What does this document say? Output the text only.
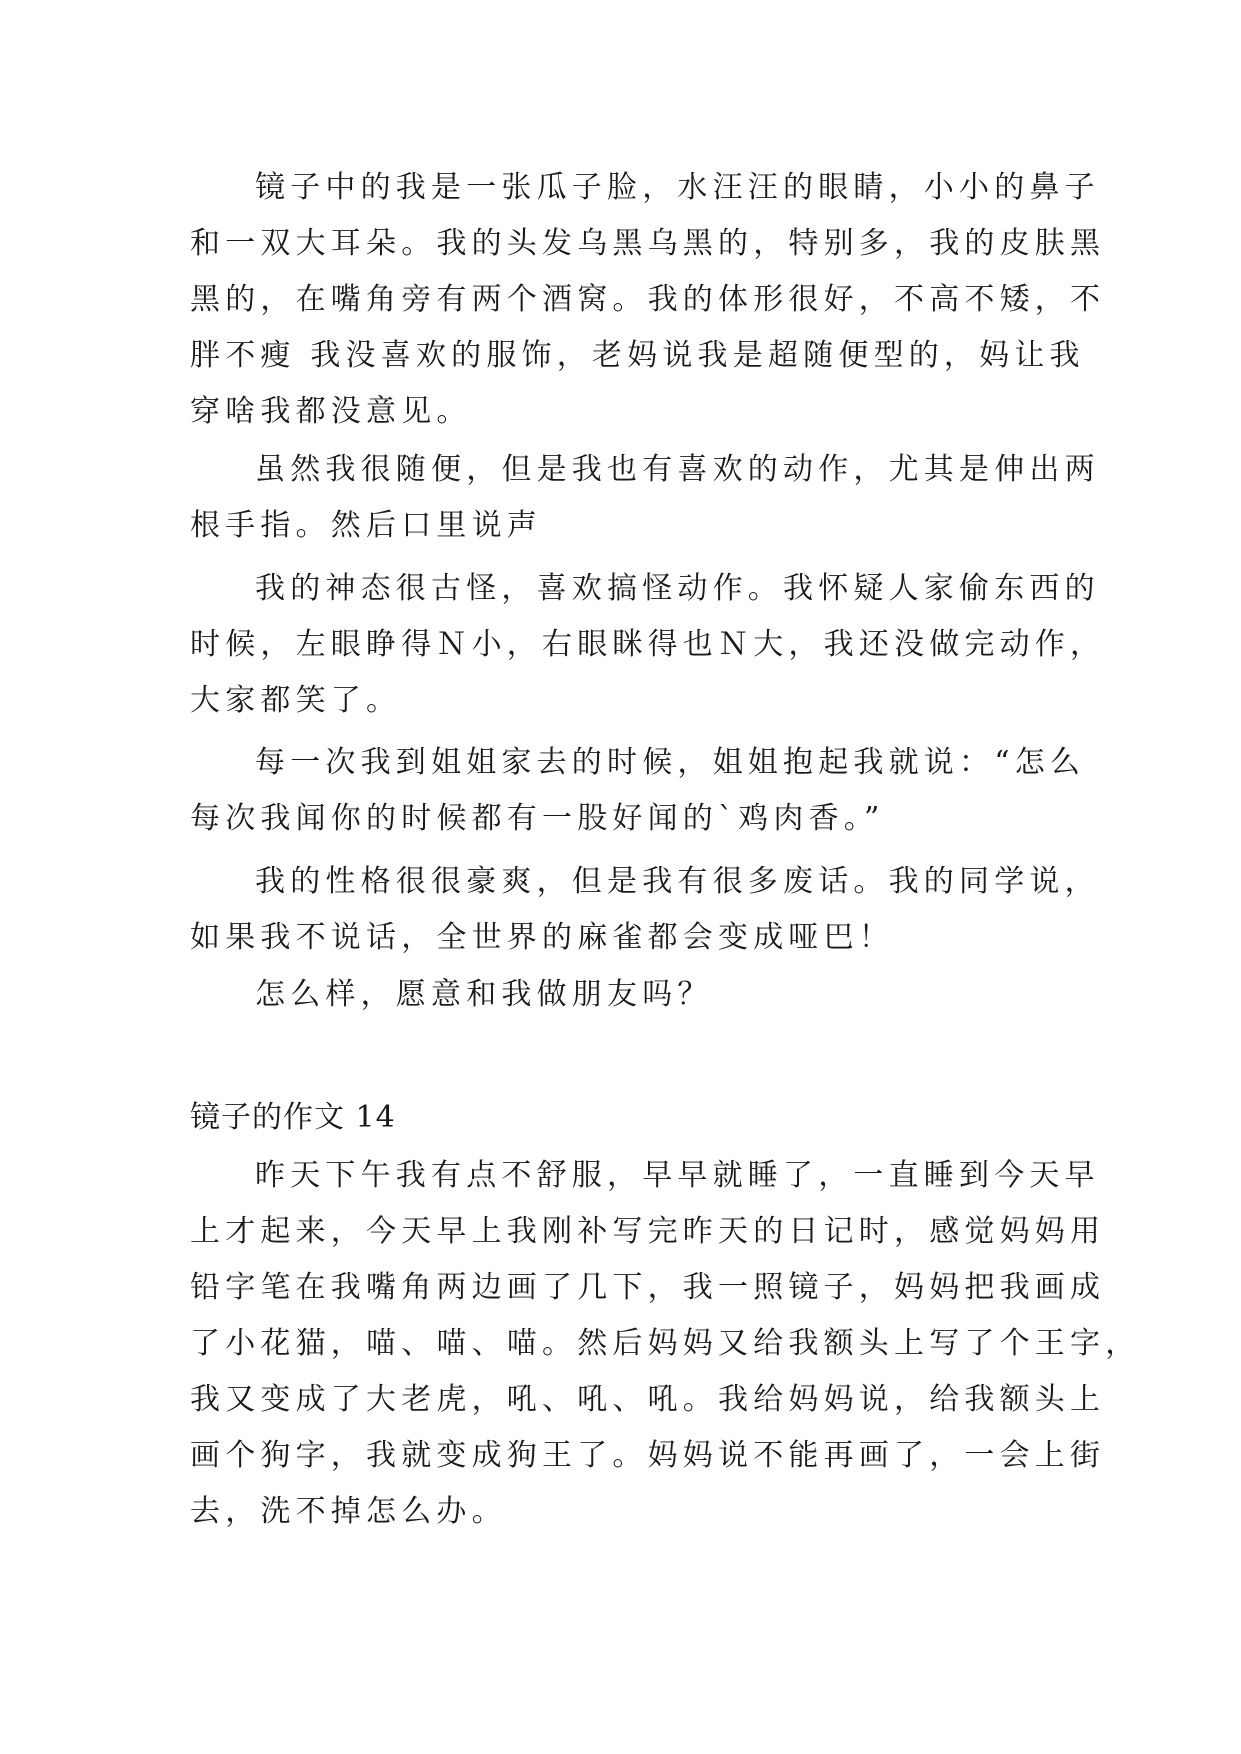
镜子中的我是一张瓜子脸，水汪汪的眼睛，小小的鼻子
和一双大耳朵。我的头发乌黑乌黑的，特别多，我的皮肤黑
黑的，在嘴角旁有两个酒窝。我的体形很好，不高不矮，不
胖不瘦 我没喜欢的服饰，老妈说我是超随便型的，妈让我
穿啥我都没意见。
虽然我很随便，但是我也有喜欢的动作，尤其是伸出两
根手指。然后口里说声
我的神态很古怪，喜欢搞怪动作。我怀疑人家偷东西的
时候，左眼睁得Ｎ小，右眼眯得也Ｎ大，我还没做完动作，
大家都笑了。
每一次我到姐姐家去的时候，姐姐抱起我就说：“怎么
每次我闻你的时候都有一股好闻的`鸡肉香。”
我的性格很很豪爽，但是我有很多废话。我的同学说，
如果我不说话，全世界的麻雀都会变成哑巴！
怎么样，愿意和我做朋友吗？
镜子的作文 14
昨天下午我有点不舒服，早早就睡了，一直睡到今天早
上才起来，今天早上我刚补写完昨天的日记时，感觉妈妈用
铅字笔在我嘴角两边画了几下，我一照镜子，妈妈把我画成
了小花猫，喵、喵、喵。然后妈妈又给我额头上写了个王字，
我又变成了大老虎，吼、吼、吼。我给妈妈说，给我额头上
画个狗字，我就变成狗王了。妈妈说不能再画了，一会上街
去，洗不掉怎么办。
